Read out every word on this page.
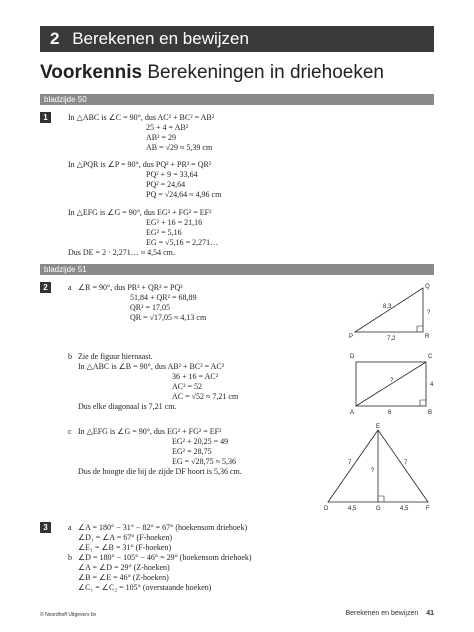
2 Berekenen en bewijzen
Voorkennis Berekeningen in driehoeken
bladzijde 50
1	In △ABC is ∠C = 90°, dus AC² + BC² = AB²
25 + 4 = AB²
AB² = 29
AB = √29 ≈ 5,39 cm
In △PQR is ∠P = 90°, dus PQ² + PR² = QR²
PQ² + 9 = 33,64
PQ² = 24,64
PQ = √24,64 ≈ 4,96 cm
In △EFG is ∠G = 90°, dus EG² + FG² = EF²
EG² + 16 = 21,16
EG² = 5,16
EG = √5,16 = 2,271…
Dus DE = 2 · 2,271… ≈ 4,54 cm.
bladzijde 51
2	a ∠R = 90°, dus PR² + QR² = PQ²
51,84 + QR² = 68,89
QR² = 17,05
QR = √17,05 ≈ 4,13 cm
P
Q
R
8,3
7,2
?
b Zie de figuur hiernaast.
In △ABC is ∠B = 90°, dus AB² + BC² = AC²
36 + 16 = AC²
AC² = 52
AC = √52 ≈ 7,21 cm
Dus elke diagonaal is 7,21 cm.
D	C
A	B
6
4
?
c In △EFG is ∠G = 90°, dus EG² + FG² = EF²
EG² + 20,25 = 49
EG² = 28,75
EG = √28,75 ≈ 5,36
Dus de hoogte die bij de zijde DF hoort is 5,36 cm.
E
D	F
G
7	7
4,5	4,5
?
3	a ∠A = 180° − 31° − 82° = 67° (hoekensom driehoek)
∠D₁ = ∠A = 67° (F-hoeken)
∠E₁ = ∠B = 31° (F-hoeken)
b ∠D = 180° − 105° − 46° = 29° (hoekensom driehoek)
∠A = ∠D = 29° (Z-hoeken)
∠B = ∠E = 46° (Z-hoeken)
∠C₁ = ∠C₂ = 105° (overstaande hoeken)
© Noordhoff Uitgevers bv	Berekenen en bewijzen 41
